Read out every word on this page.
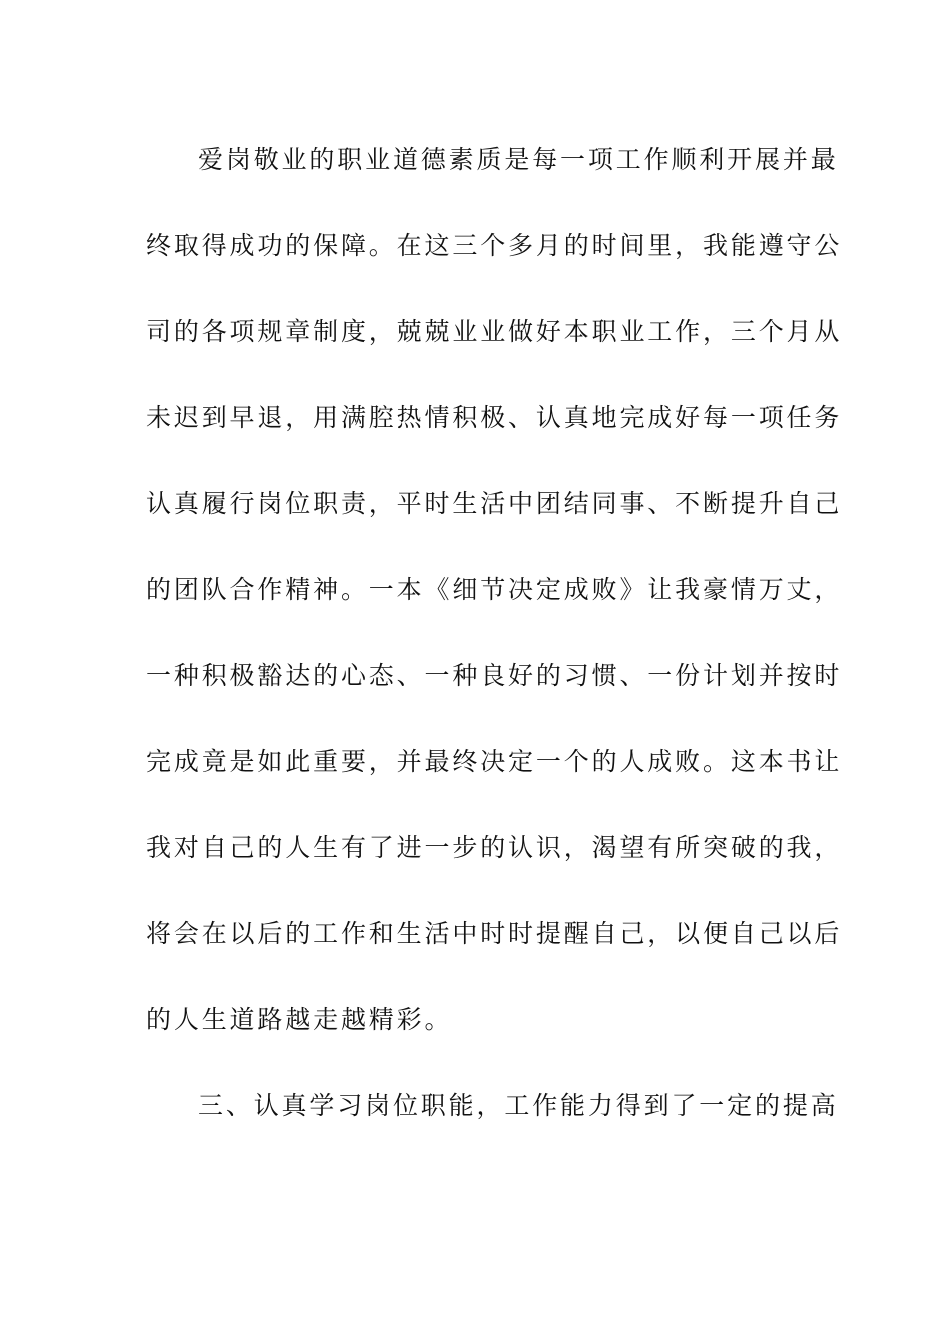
爱岗敬业的职业道德素质是每一项工作顺利开展并最
终取得成功的保障。在这三个多月的时间里，我能遵守公
司的各项规章制度，兢兢业业做好本职业工作，三个月从
未迟到早退，用满腔热情积极、认真地完成好每一项任务
认真履行岗位职责，平时生活中团结同事、不断提升自己
的团队合作精神。一本《细节决定成败》让我豪情万丈，
一种积极豁达的心态、一种良好的习惯、一份计划并按时
完成竟是如此重要，并最终决定一个的人成败。这本书让
我对自己的人生有了进一步的认识，渴望有所突破的我，
将会在以后的工作和生活中时时提醒自己，以便自己以后
的人生道路越走越精彩。
三、认真学习岗位职能，工作能力得到了一定的提高
